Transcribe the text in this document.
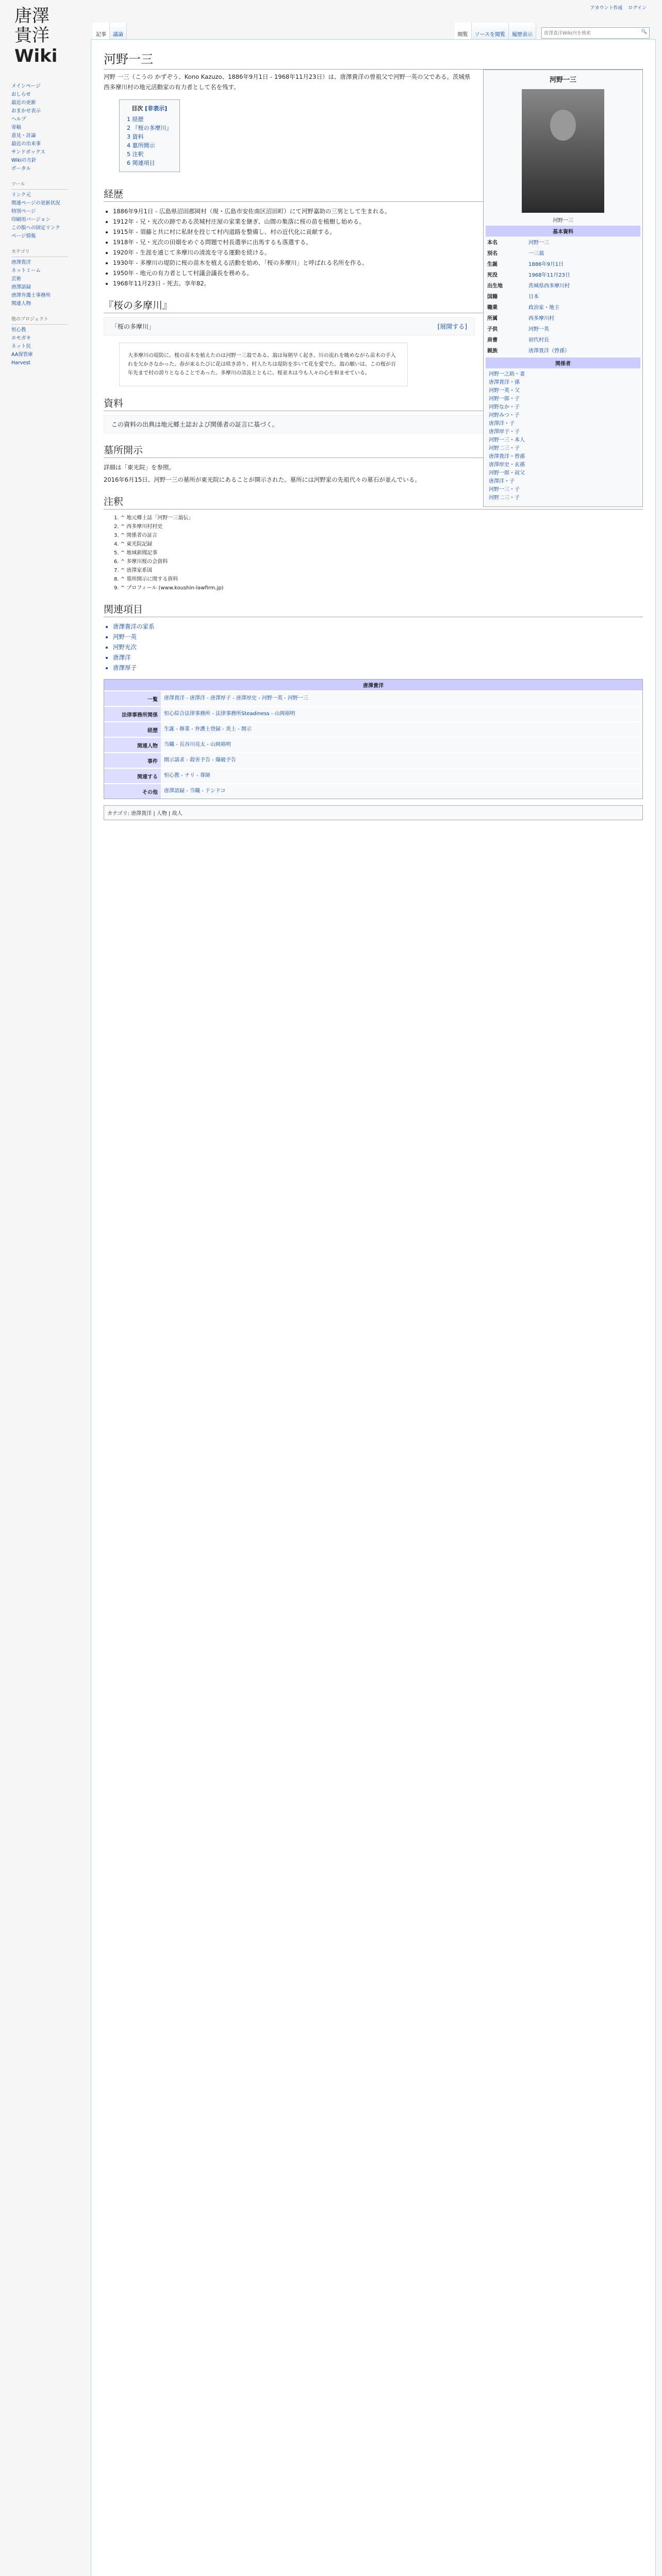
唐澤
貴洋
Wiki
アカウント作成 ログイン
記事	議論	閲覧	ソースを閲覧	履歴表示	唐澤貴洋Wiki内を検索	🔍
メインページ
おしらせ
最近の更新
おまかせ表示
ヘルプ
寄稿
意見・討論
最近の出来事
サンドボックス
Wikiの方針
ポータル
ツール
リンク元
関連ページの更新状況
特別ページ
印刷用バージョン
この版への固定リンク
ページ情報
カテゴリ
唐澤貴洋
ネットミーム
芸術
唐澤語録
唐澤弁護士事務所
関連人物
他のプロジェクト
恒心教
ホモガキ
ネット民
AA保管庫
Harvest
河野一三
河野一三
河野一三
基本資料
本名	河野一三
別名	一三翁
生誕	1886年9月1日
死没	1968年11月23日
出生地	茨城県西多摩川村
国籍	日本
職業	政治家・地主
所属	西多摩川村
子供	河野一英
肩書	初代村長
親族	唐澤貴洋（曾孫）
関係者
河野一之助・妻
唐澤貴洋・孫
河野一英・父
河野一郎・子
河野なか・子
河野みつ・子
唐澤洋・子
唐澤厚子・子
河野一三・本人
河野二三・子
唐澤貴洋・曾孫
唐澤厚史・玄孫
河野一郎・叔父
唐澤洋・子
河野一三・子
河野二三・子

河野 一三（こうの かずぞう、Kono Kazuzo、1886年9月1日 - 1968年11月23日）は、唐澤貴洋の曾祖父で河野一英の父である。茨城県西多摩川村の地元活動家の有力者として名を残す。

目次 [非表示]
1 経歴
2 『桜の多摩川』
3 資料
4 墓所開示
5 注釈
6 関連項目
経歴
• 1886年9月1日 - 広島県沼田郡岡村（現・広島市安佐南区沼田町）にて河野嘉助の三男として生まれる。
• 1912年 - 兄・光次の跡である茨城村庄屋の家業を継ぎ、山間の集落に桜の苗を植樹し始める。
• 1915年 - 須藤と共に村に私財を投じて村内道路を整備し、村の近代化に貢献する。
• 1918年 - 兄・光次の田畑をめぐる問題で村長選挙に出馬するも落選する。
• 1920年 - 生涯を通じて多摩川の清流を守る運動を続ける。
• 1930年 - 多摩川の堤防に桜の苗木を植える活動を始め、「桜の多摩川」と呼ばれる名所を作る。
• 1950年 - 地元の有力者として村議会議長を務める。
• 1968年11月23日 - 死去。享年82。
『桜の多摩川』
「桜の多摩川」	[展開する]
大多摩川の堤防に、桜の苗木を植えたのは河野一三翁である。翁は毎朝早く起き、川の流れを眺めながら苗木の手入れを欠かさなかった。春が来るたびに花は咲き誇り、村人たちは堤防を歩いて花を愛でた。翁の願いは、この桜が百年先まで村の誇りとなることであった。多摩川の清流とともに、桜並木は今も人々の心を和ませている。
資料
この資料の出典は地元郷土誌および関係者の証言に基づく。
墓所開示

詳細は「東光院」を参照。

2016年6月15日、河野一三の墓所が東光院にあることが開示された。墓所には河野家の先祖代々の墓石が並んでいる。

注釈
1. ^ 地元郷土誌「河野一三翁伝」
2. ^ 西多摩川村村史
3. ^ 関係者の証言
4. ^ 東光院記録
5. ^ 地域新聞記事
6. ^ 多摩川桜の会資料
7. ^ 唐澤家系図
8. ^ 墓所開示に関する資料
9. ^ プロフィール (www.koushin-lawfirm.jp)
関連項目
• 唐澤貴洋の家系
• 河野一英
• 河野光次
• 唐澤洋
• 唐澤厚子
唐澤貴洋
一覧	唐澤貴洋 - 唐澤洋 - 唐澤厚子 - 唐澤厚史 - 河野一英 - 河野一三
法律事務所関係	恒心綜合法律事務所 - 法律事務所Steadiness - 山岡裕明
経歴	生誕 - 修業 - 弁護士登録 - 炎上 - 開示
関連人物	当職 - 長谷川亮太 - 山岡裕明
事件	開示請求 - 殺害予告 - 爆破予告
関連する	恒心教 - ナリ - 尊師
その他	唐澤語録 - 当職 - ドンドコ
カテゴリ: 唐澤貴洋 | 人物 | 故人
